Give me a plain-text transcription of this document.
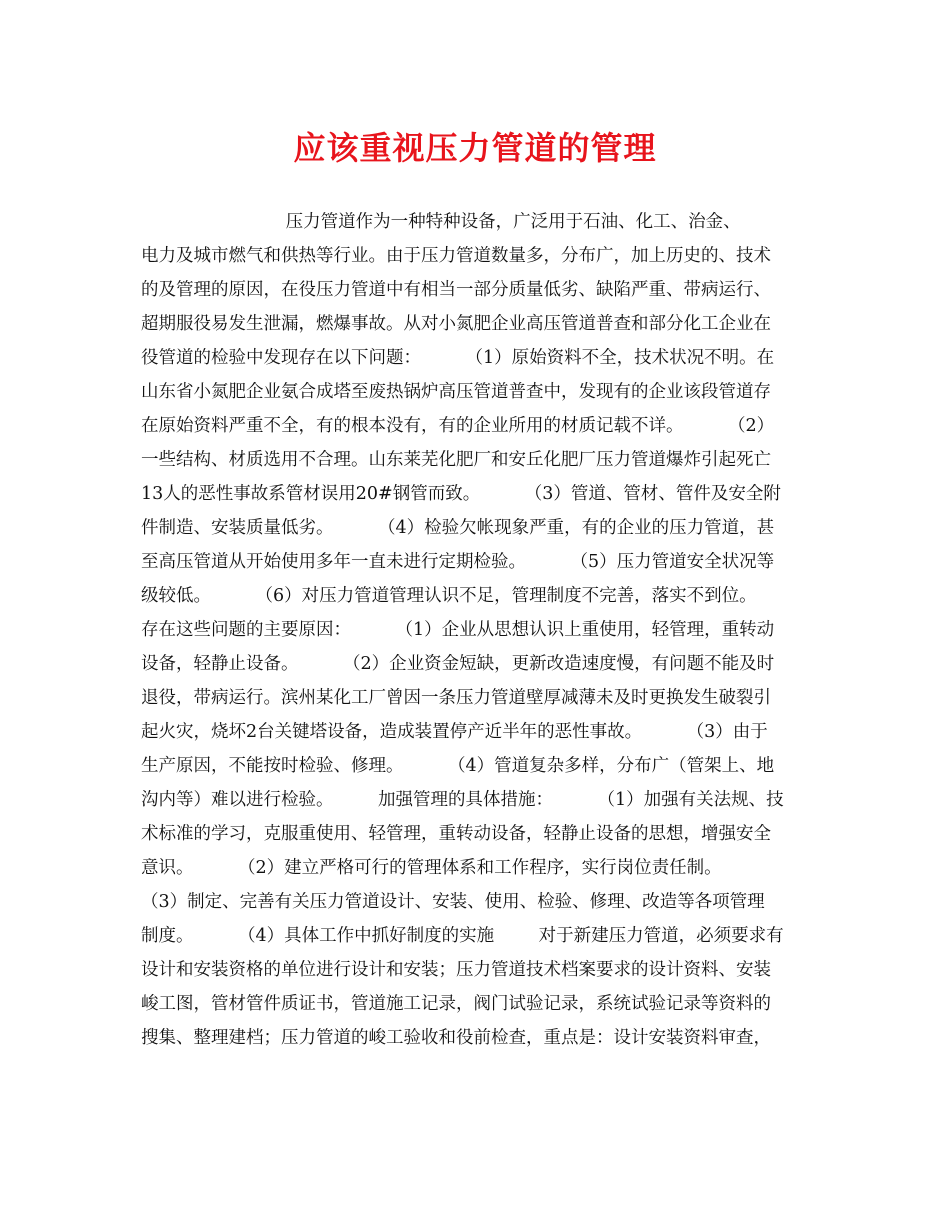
应该重视压力管道的管理
压力管道作为一种特种设备，广泛用于石油、化工、治金、
电力及城市燃气和供热等行业。由于压力管道数量多，分布广，加上历史的、技术
的及管理的原因，在役压力管道中有相当一部分质量低劣、缺陷严重、带病运行、
超期服役易发生泄漏，燃爆事故。从对小氮肥企业高压管道普查和部分化工企业在
役管道的检验中发现存在以下问题：        （1）原始资料不全，技术状况不明。在
山东省小氮肥企业氨合成塔至废热锅炉高压管道普查中，发现有的企业该段管道存
在原始资料严重不全，有的根本没有，有的企业所用的材质记载不详。        （2）
一些结构、材质选用不合理。山东莱芜化肥厂和安丘化肥厂压力管道爆炸引起死亡
13人的恶性事故系管材误用20#钢管而致。        （3）管道、管材、管件及安全附
件制造、安装质量低劣。        （4）检验欠帐现象严重，有的企业的压力管道，甚
至高压管道从开始使用多年一直未进行定期检验。        （5）压力管道安全状况等
级较低。        （6）对压力管道管理认识不足，管理制度不完善，落实不到位。
存在这些问题的主要原因：        （1）企业从思想认识上重使用，轻管理，重转动
设备，轻静止设备。        （2）企业资金短缺，更新改造速度慢，有问题不能及时
退役，带病运行。滨州某化工厂曾因一条压力管道壁厚减薄未及时更换发生破裂引
起火灾，烧坏2台关键塔设备，造成装置停产近半年的恶性事故。        （3）由于
生产原因，不能按时检验、修理。        （4）管道复杂多样，分布广（管架上、地
沟内等）难以进行检验。        加强管理的具体措施：        （1）加强有关法规、技
术标准的学习，克服重使用、轻管理，重转动设备，轻静止设备的思想，增强安全
意识。        （2）建立严格可行的管理体系和工作程序，实行岗位责任制。
（3）制定、完善有关压力管道设计、安装、使用、检验、修理、改造等各项管理
制度。        （4）具体工作中抓好制度的实施        对于新建压力管道，必须要求有
设计和安装资格的单位进行设计和安装；压力管道技术档案要求的设计资料、安装
峻工图，管材管件质证书，管道施工记录，阀门试验记录，系统试验记录等资料的
搜集、整理建档；压力管道的峻工验收和役前检查，重点是：设计安装资料审查，
